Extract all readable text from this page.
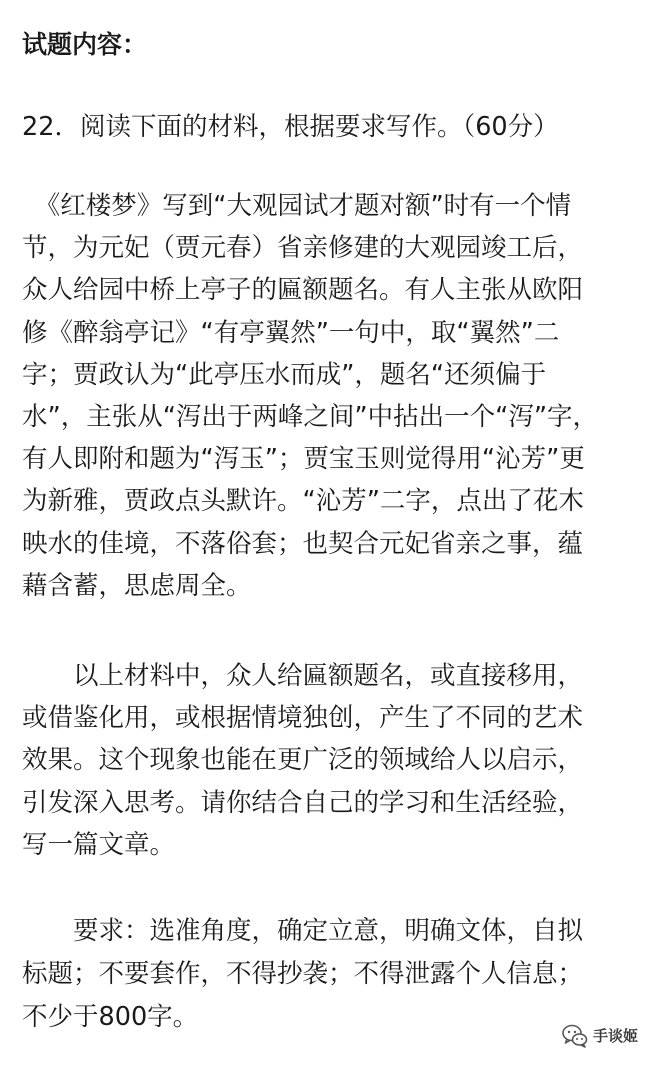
试题内容：
22．阅读下面的材料，根据要求写作。（60分）
　《红楼梦》写到“大观园试才题对额”时有一个情
节，为元妃（贾元春）省亲修建的大观园竣工后，
众人给园中桥上亭子的匾额题名。有人主张从欧阳
修《醉翁亭记》“有亭翼然”一句中，取“翼然”二
字；贾政认为“此亭压水而成”，题名“还须偏于
水”，主张从“泻出于两峰之间”中拈出一个“泻”字，
有人即附和题为“泻玉”；贾宝玉则觉得用“沁芳”更
为新雅，贾政点头默许。“沁芳”二字，点出了花木
映水的佳境，不落俗套；也契合元妃省亲之事，蕴
藉含蓄，思虑周全。
　　以上材料中，众人给匾额题名，或直接移用，
或借鉴化用，或根据情境独创，产生了不同的艺术
效果。这个现象也能在更广泛的领域给人以启示，
引发深入思考。请你结合自己的学习和生活经验，
写一篇文章。
　　要求：选准角度，确定立意，明确文体，自拟
标题；不要套作，不得抄袭；不得泄露个人信息；
不少于800字。
手谈姬
